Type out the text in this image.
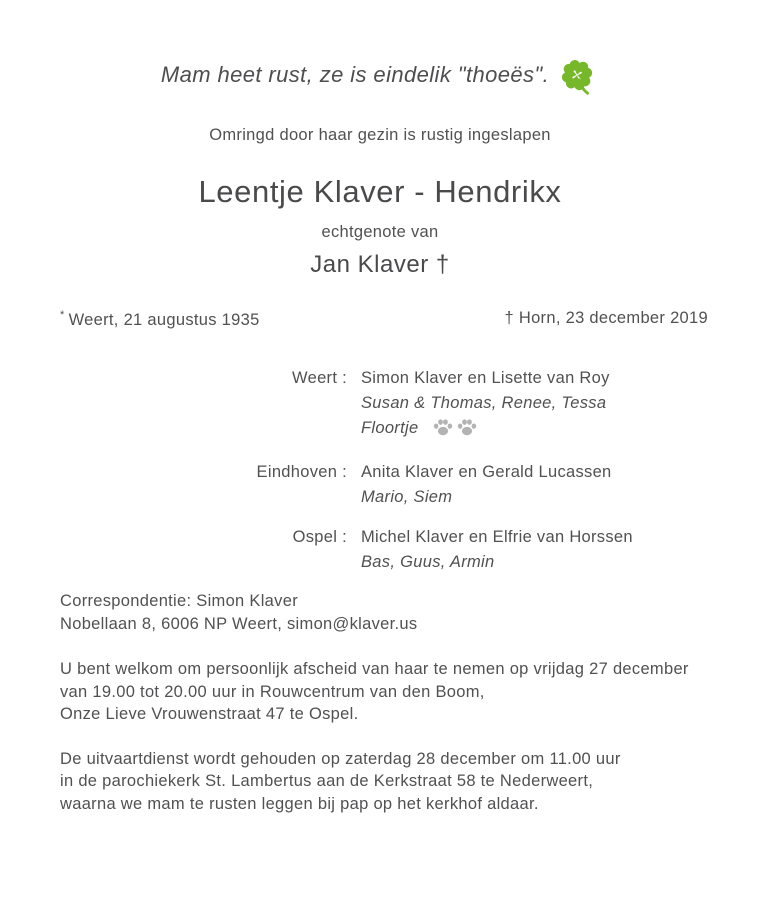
Mam heet rust, ze is eindelik "thoeës".
Omringd door haar gezin is rustig ingeslapen
Leentje Klaver - Hendrikx
echtgenote van
Jan Klaver †
* Weert, 21 augustus 1935	† Horn, 23 december 2019
Weert : Simon Klaver en Lisette van Roy
Susan & Thomas, Renee, Tessa
Floortje
Eindhoven : Anita Klaver en Gerald Lucassen
Mario, Siem
Ospel : Michel Klaver en Elfrie van Horssen
Bas, Guus, Armin
Correspondentie: Simon Klaver
Nobellaan 8, 6006 NP Weert, simon@klaver.us
U bent welkom om persoonlijk afscheid van haar te nemen op vrijdag 27 december
van 19.00 tot 20.00 uur in Rouwcentrum van den Boom,
Onze Lieve Vrouwenstraat 47 te Ospel.
De uitvaartdienst wordt gehouden op zaterdag 28 december om 11.00 uur
in de parochiekerk St. Lambertus aan de Kerkstraat 58 te Nederweert,
waarna we mam te rusten leggen bij pap op het kerkhof aldaar.
